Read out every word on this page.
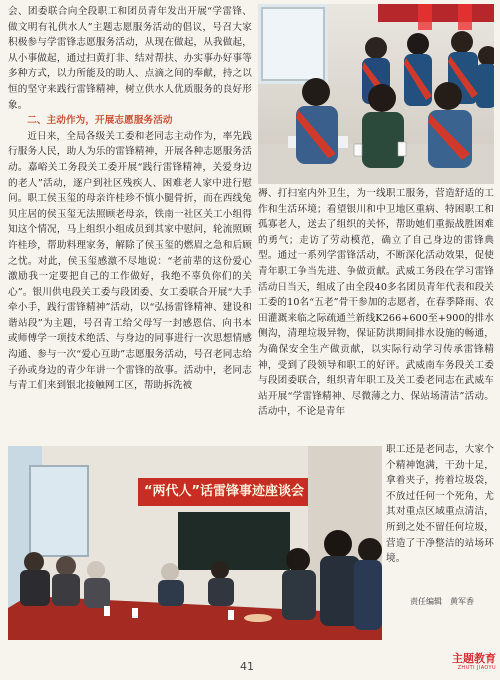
会、团委联合向全段职工和团员青年发出开展“学雷锋、做文明有礼供水人”主题志愿服务活动的倡议，号召大家积极参与学雷锋志愿服务活动，从现在做起，从我做起，从小事做起，通过扫黄打非、结对帮扶、办实事办好事等多种方式，以力所能及的助人、点滴之间的奉献，持之以恒的坚守来践行雷锋精神，树立供水人优质服务的良好形象。

二、主动作为，开展志愿服务活动

近日来，全局各级关工委和老同志主动作为，率先践行服务人民，助人为乐的雷锋精神，开展各种志愿服务活动。嘉峪关工务段关工委开展“践行雷锋精神，关爱身边的老人”活动，逐户到社区残疾人、困难老人家中进行慰问。职工侯玉玺的母亲许桂珍不慎小腿骨折，而在西线兔贝庄居的侯玉玺无法照顾老母亲，铁南一社区关工小组得知这个情况，马上组织小组成员到其家中慰问，轮流照顾许桂珍，帮助料理家务，解除了侯玉玺的燃眉之急和后顾之忧。对此，侯玉玺感激不尽地说：“老前辈的这份爱心激励我一定要把自己的工作做好，我绝不辜负你们的关心”。银川供电段关工委与段团委、女工委联合开展“大手牵小手，践行雷锋精神”活动，以“弘扬雷锋精神、建设和谐站段”为主题，号召青工给父母写一封感恩信、向书本或师傅学一项技术绝活、与身边的同事进行一次思想情感沟通、参与一次“爱心互助”志愿服务活动，号召老同志给子孙或身边的青少年讲一个雷锋的故事。活动中，老同志与青工们来到银北接触网工区，帮助拆洗被

褥、打扫室内外卫生，为一线职工服务，营造舒适的工作和生活环境；看望银川和中卫地区重病、特困职工和孤寡老人，送去了组织的关怀，帮助她们重振战胜困难的勇气；走访了劳动模范，确立了自己身边的雷锋典型。通过一系列学雷锋活动，不断深化活动效果，促使青年职工争当先进、争做贡献。武威工务段在学习雷锋活动日当天，组成了由全段40多名团员青年代表和段关工委的10名“五老”骨干参加的志愿者，在春季降雨、农田灌溉来临之际疏通兰新线K266+600至+900的排水侧沟，清理垃圾异物，保证防洪期间排水设施的畅通，为确保安全生产做贡献，以实际行动学习传承雷锋精神，受到了段领导和职工的好评。武威南车务段关工委与段团委联合，组织青年职工及关工委老同志在武威车站开展“学雷锋精神、尽微薄之力、保站场清洁”活动。活动中，不论是青年

“两代人”话雷锋事迹座谈会

职工还是老同志，大家个个精神饱满，干劲十足，拿着夹子，挎着垃圾袋，不放过任何一个死角，尤其对重点区域重点清洁，所到之处不留任何垃圾，营造了干净整洁的站场环境。

责任编辑　黄军香
41
主题教育
ZHUTI JIAOYU
